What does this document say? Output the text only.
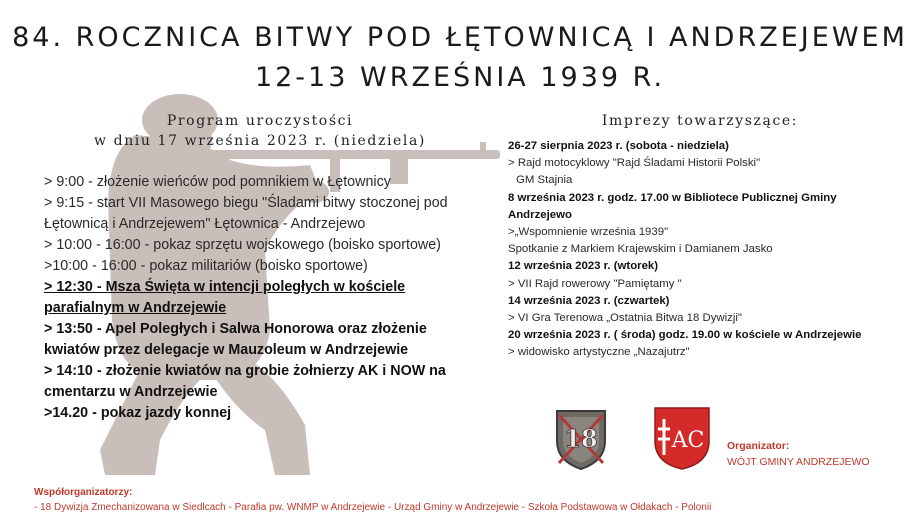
84. ROCZNICA BITWY POD ŁĘTOWNICĄ I ANDRZEJEWEM
12-13 WRZEŚNIA 1939 R.
Program uroczystości
w dniu 17 września 2023 r. (niedziela)
Imprezy towarzyszące:
> 9:00 - złożenie wieńców pod pomnikiem w Łętownicy
> 9:15 - start VII Masowego biegu "Śladami bitwy stoczonej pod Łętownicą i Andrzejewem" Łętownica - Andrzejewo
> 10:00 - 16:00 - pokaz sprzętu wojskowego (boisko sportowe)
>10:00 - 16:00 - pokaz militariów (boisko sportowe)
> 12:30 - Msza Święta w intencji poległych w kościele parafialnym w Andrzejewie
> 13:50 - Apel Poległych i Salwa Honorowa oraz złożenie kwiatów przez delegacje w Mauzoleum w Andrzejewie
> 14:10 - złożenie kwiatów na grobie żołnierzy AK i NOW na cmentarzu w Andrzejewie
>14.20 - pokaz jazdy konnej
26-27 sierpnia 2023 r. (sobota - niedziela)
> Rajd motocyklowy "Rajd Śladami Historii Polski"
GM Stajnia
8 września 2023 r. godz. 17.00 w Bibliotece Publicznej Gminy Andrzejewo
>„Wspomnienie września 1939"
Spotkanie z Markiem Krajewskim i Damianem Jasko
12 września 2023 r. (wtorek)
> VII Rajd rowerowy "Pamiętamy "
14 września 2023 r. (czwartek)
> VI Gra Terenowa „Ostatnia Bitwa 18 Dywizji"
20 września 2023 r. ( środa) godz. 19.00 w kościele w Andrzejewie
> widowisko artystyczne „Nazajutrz"
18	AC Organizator:
WÓJT GMINY ANDRZEJEWO
Współorganizatorzy:
- 18 Dywizja Zmechanizowana w Siedlcach - Parafia pw. WNMP w Andrzejewie - Urząd Gminy w Andrzejewie - Szkoła Podstawowa w Ołdakach - Polonii
